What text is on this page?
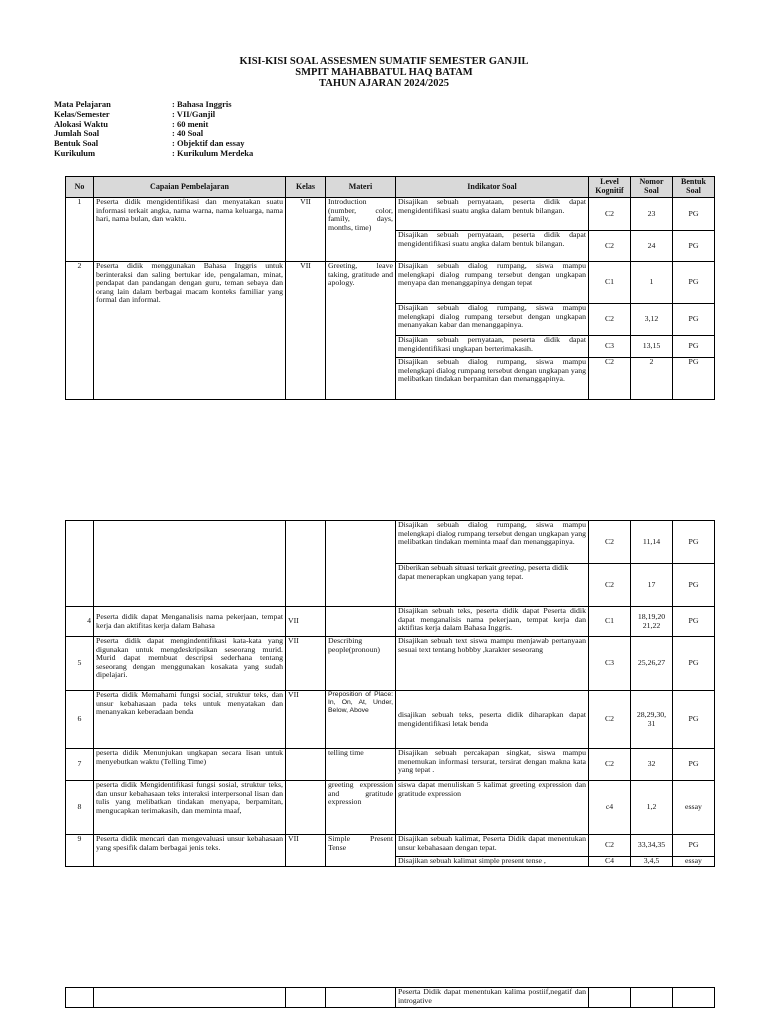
KISI-KISI SOAL ASSESMEN SUMATIF SEMESTER GANJIL
SMPIT MAHABBATUL HAQ BATAM
TAHUN AJARAN 2024/2025
Mata Pelajaran	: Bahasa Inggris
Kelas/Semester	: VII/Ganjil
Alokasi Waktu	: 60 menit
Jumlah Soal	: 40 Soal
Bentuk Soal	: Objektif dan essay
Kurikulum	: Kurikulum Merdeka
No	Capaian Pembelajaran	Kelas	Materi	Indikator Soal	Level Kognitif	Nomor Soal	Bentuk Soal
1	Peserta didik mengidentifikasi dan menyatakan suatu informasi terkait angka, nama warna, nama keluarga, nama hari, nama bulan, dan waktu.	VII	Introduction (number, color, family, days, months, time)	Disajikan sebuah pernyataan, peserta didik dapat mengidentifikasi suatu angka dalam bentuk bilangan.	C2	23	PG
				Disajikan sebuah pernyataan, peserta didik dapat mengidentifikasi suatu angka dalam bentuk bilangan.	C2	24	PG
2	Peserta didik menggunakan Bahasa Inggris untuk berinteraksi dan saling bertukar ide, pengalaman, minat, pendapat dan pandangan dengan guru, teman sebaya dan orang lain dalam berbagai macam konteks familiar yang formal dan informal.	VII	Greeting, leave taking, gratitude and apology.	Disajikan sebuah dialog rumpang, siswa mampu melengkapi dialog rumpang tersebut dengan ungkapan menyapa dan menanggapinya dengan tepat	C1	1	PG
				Disajikan sebuah dialog rumpang, siswa mampu melengkapi dialog rumpang tersebut dengan ungkapan menanyakan kabar dan menanggapinya.	C2	3,12	PG
				Disajikan sebuah pernyataan, peserta didik dapat mengidentifikasi ungkapan berterimakasih.	C3	13,15	PG
				Disajikan sebuah dialog rumpang, siswa mampu melengkapi dialog rumpang tersebut dengan ungkapan yang melibatkan tindakan berpamitan dan menanggapinya.	C2	2	PG
				Disajikan sebuah dialog rumpang, siswa mampu melengkapi dialog rumpang tersebut dengan ungkapan yang melibatkan tindakan meminta maaf dan menanggapinya.	C2	11,14	PG
				Diberikan sebuah situasi terkait greeting, peserta didik dapat menerapkan ungkapan yang tepat.	C2	17	PG
4	Peserta didik dapat Menganalisis nama pekerjaan, tempat kerja dan aktifitas kerja dalam Bahasa	VII		Disajikan sebuah teks, peserta didik dapat Peserta didik dapat menganalisis nama pekerjaan, tempat kerja dan aktifitas kerja dalam Bahasa Inggris.	C1	18,19,20 21,22	PG
5	Peserta didik dapat mengindentifikasi kata-kata yang digunakan untuk mengdeskripsikan seseorang murid. Murid dapat membuat descripsi sederhana tentang seseorang dengan menggunakan kosakata yang sudah dipelajari.	VII	Describing people(pronoun)	Disajikan sebuah text siswa mampu menjawab pertanyaan sesuai text tentang hobbby ,karakter seseorang	C3	25,26,27	PG
6	Peserta didik Memahami fungsi social, struktur teks, dan unsur kebahasaan pada teks untuk menyatakan dan menanyakan keberadaan benda	VII	Preposition of Place: In, On, At, Under, Below, Above	disajikan sebuah teks, peserta didik diharapkan dapat mengidentifikasi letak benda	C2	28,29,30, 31	PG
7	peserta didik Menunjukan ungkapan secara lisan untuk menyebutkan waktu (Telling Time)		telling time	Disajikan sebuah percakapan singkat, siswa mampu menemukan informasi tersurat, tersirat dengan makna kata yang tepat .	C2	32	PG
8	peserta didik Mengidentifikasi fungsi sosial, struktur teks, dan unsur kebahasaan teks interaksi interpersonal lisan dan tulis yang melibatkan tindakan menyapa, berpamitan, mengucapkan terimakasih, dan meminta maaf,		greeting expression and gratitude expression	siswa dapat menuliskan 5 kalimat greeting expression dan gratitude expression	c4	1,2	essay
9	Peserta didik mencari dan mengevaluasi unsur kebahasaan yang spesifik dalam berbagai jenis teks.	VII	Simple Present Tense	Disajikan sebuah kalimat, Peserta Didik dapat menentukan unsur kebahasaan dengan tepat.	C2	33,34,35	PG
				Disajikan sebuah kalimat simple present tense ,	C4	3,4,5	essay
				Peserta Didik dapat menentukan kalima postiif,negatif dan introgative			
